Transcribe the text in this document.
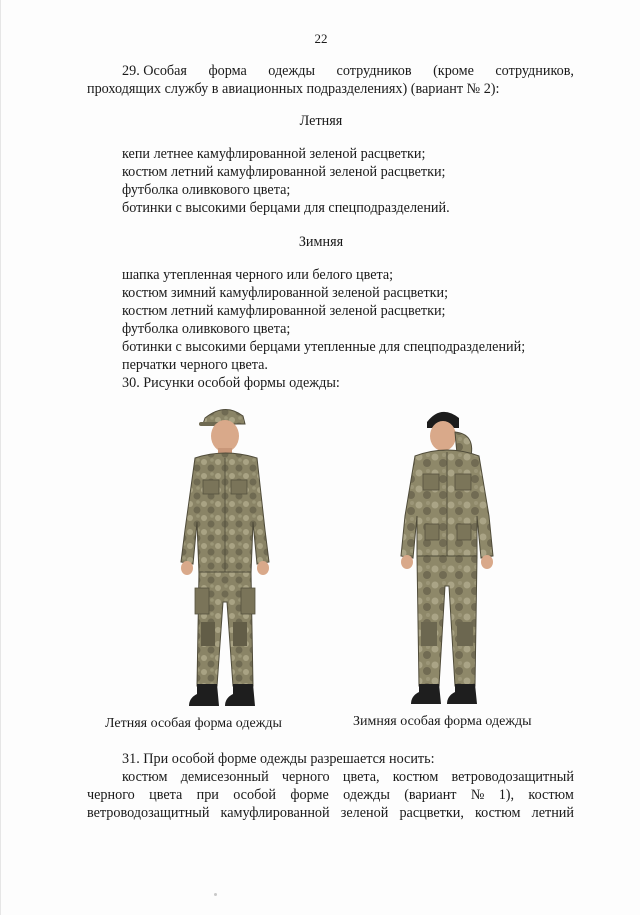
22
29. Особая форма одежды сотрудников (кроме сотрудников,
проходящих службу в авиационных подразделениях) (вариант № 2):
Летняя
кепи летнее камуфлированной зеленой расцветки;
костюм летний камуфлированной зеленой расцветки;
футболка оливкового цвета;
ботинки с высокими берцами для спецподразделений.
Зимняя
шапка утепленная черного или белого цвета;
костюм зимний камуфлированной зеленой расцветки;
костюм летний камуфлированной зеленой расцветки;
футболка оливкового цвета;
ботинки с высокими берцами утепленные для спецподразделений;
перчатки черного цвета.
30. Рисунки особой формы одежды:
Летняя особая форма одежды	Зимняя особая форма одежды
31. При особой форме одежды разрешается носить:
костюм демисезонный черного цвета, костюм ветроводозащитный
черного цвета при особой форме одежды (вариант № 1), костюм
ветроводозащитный камуфлированной зеленой расцветки, костюм летний
